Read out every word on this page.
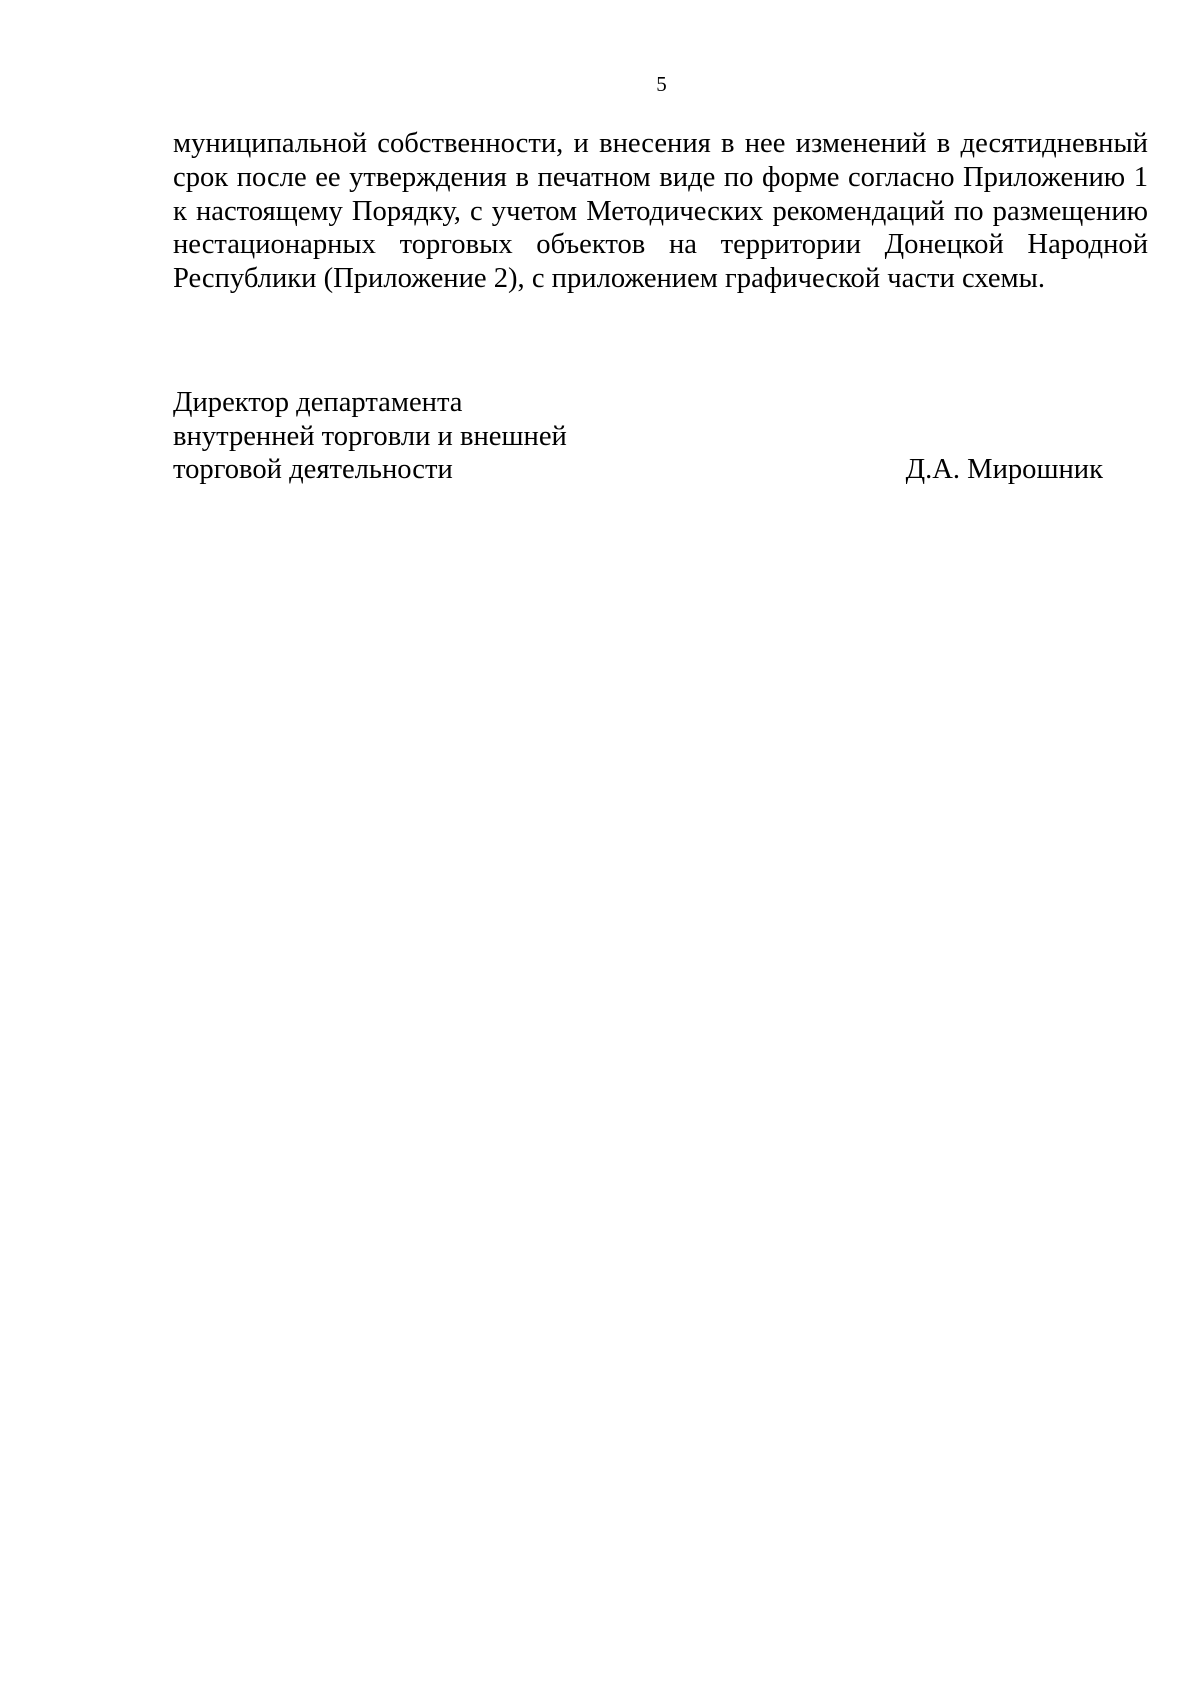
5
муниципальной собственности, и внесения в нее изменений в десятидневный
срок после ее утверждения в печатном виде по форме согласно Приложению 1
к настоящему Порядку, с учетом Методических рекомендаций по размещению
нестационарных торговых объектов на территории Донецкой Народной
Республики (Приложение 2), с приложением графической части схемы.
Директор департамента
внутренней торговли и внешней
торговой деятельности	Д.А. Мирошник
